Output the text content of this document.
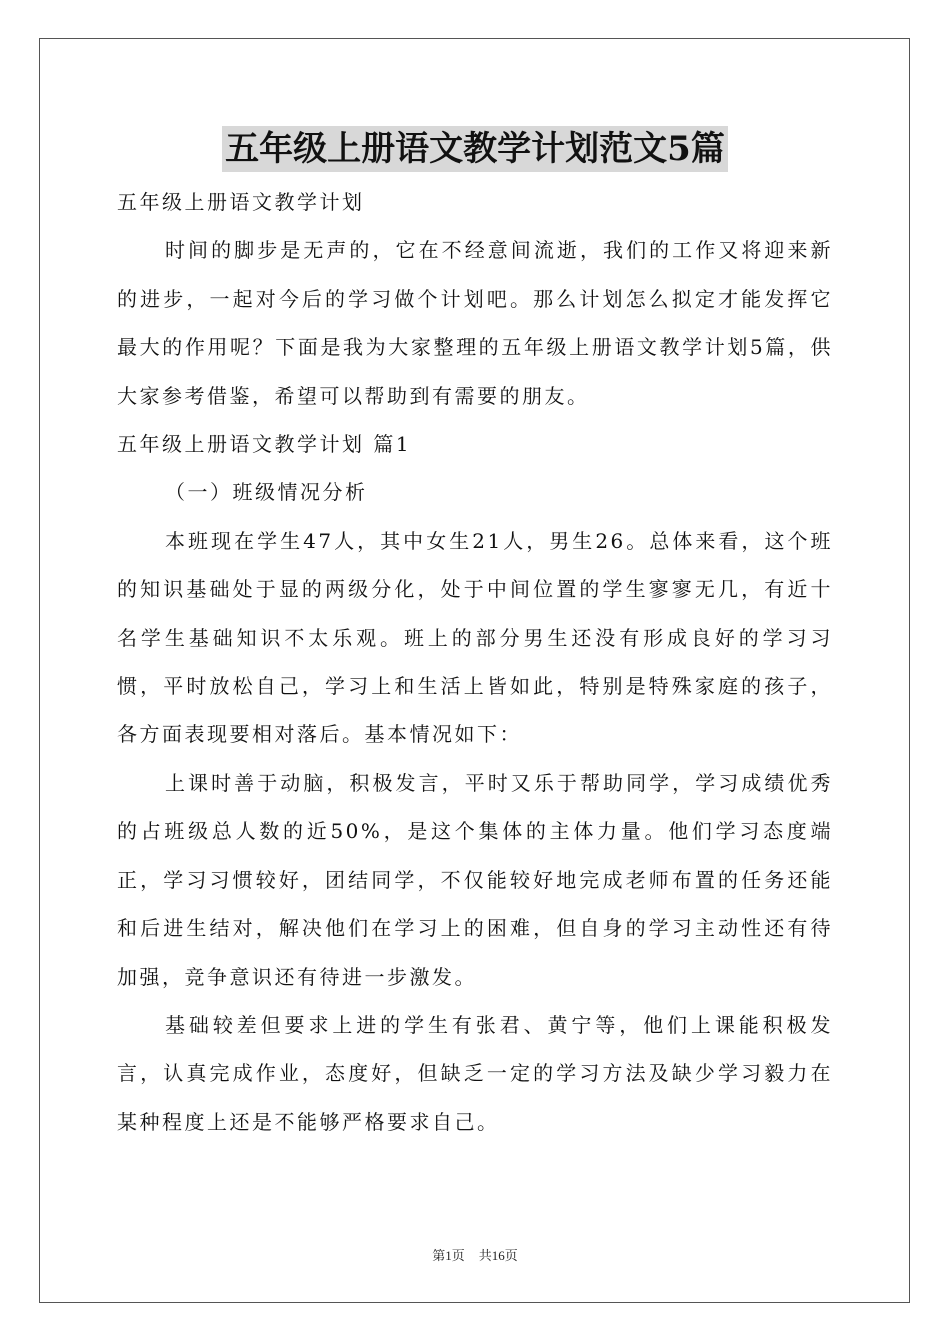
五年级上册语文教学计划范文5篇
五年级上册语文教学计划

时间的脚步是无声的，它在不经意间流逝，我们的工作又将迎来新的进步，一起对今后的学习做个计划吧。那么计划怎么拟定才能发挥它最大的作用呢？下面是我为大家整理的五年级上册语文教学计划5篇，供大家参考借鉴，希望可以帮助到有需要的朋友。

五年级上册语文教学计划 篇1
（一）班级情况分析

本班现在学生47人，其中女生21人，男生26。总体来看，这个班的知识基础处于显的两级分化，处于中间位置的学生寥寥无几，有近十名学生基础知识不太乐观。班上的部分男生还没有形成良好的学习习惯，平时放松自己，学习上和生活上皆如此，特别是特殊家庭的孩子，各方面表现要相对落后。基本情况如下：

上课时善于动脑，积极发言，平时又乐于帮助同学，学习成绩优秀的占班级总人数的近50%，是这个集体的主体力量。他们学习态度端正，学习习惯较好，团结同学，不仅能较好地完成老师布置的任务还能和后进生结对，解决他们在学习上的困难，但自身的学习主动性还有待加强，竞争意识还有待进一步激发。

基础较差但要求上进的学生有张君、黄宁等，他们上课能积极发言，认真完成作业，态度好，但缺乏一定的学习方法及缺少学习毅力在某种程度上还是不能够严格要求自己。

第1页 共16页
